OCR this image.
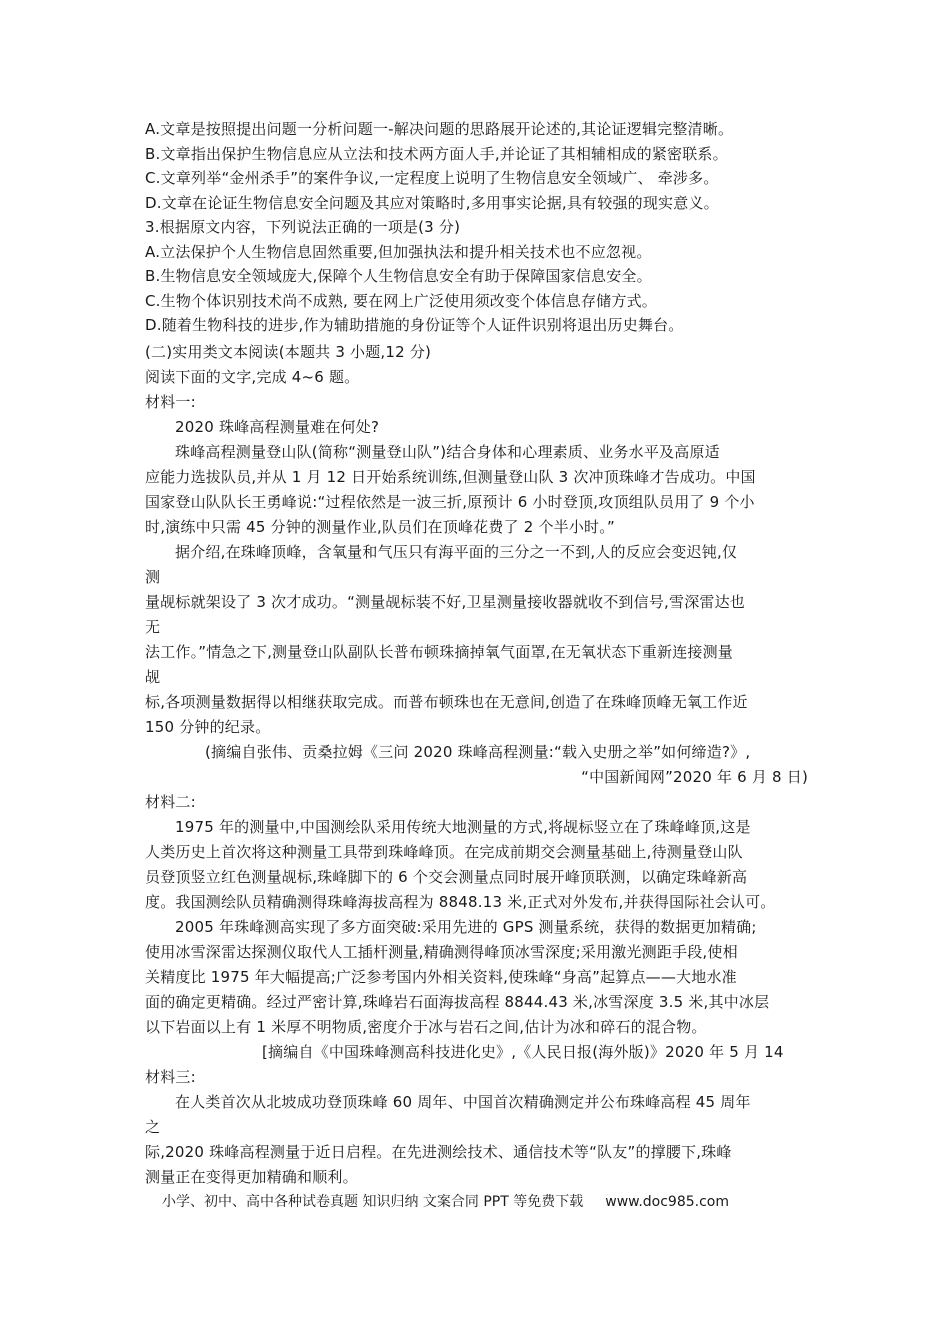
A.文章是按照提出问题一分析问题一-解决问题的思路展开论述的,其论证逻辑完整清晰。
B.文章指出保护生物信息应从立法和技术两方面人手,并论证了其相辅相成的紧密联系。
C.文章列举“金州杀手”的案件争议,一定程度上说明了生物信息安全领域广、 牵涉多。
D.文章在论证生物信息安全问题及其应对策略时,多用事实论据,具有较强的现实意义。
3.根据原文内容，下列说法正确的一项是(3 分)
A.立法保护个人生物信息固然重要,但加强执法和提升相关技术也不应忽视。
B.生物信息安全领域庞大,保障个人生物信息安全有助于保障国家信息安全。
C.生物个体识别技术尚不成熟, 要在网上广泛使用须改变个体信息存储方式。
D.随着生物科技的进步,作为辅助措施的身份证等个人证件识别将退出历史舞台。
(二)实用类文本阅读(本题共 3 小题,12 分)
阅读下面的文字,完成 4~6 题。
材料一:
2020 珠峰高程测量难在何处?
珠峰高程测量登山队(简称“测量登山队”)结合身体和心理素质、业务水平及高原适
应能力选拔队员,并从 1 月 12 日开始系统训练,但测量登山队 3 次冲顶珠峰才告成功。中国
国家登山队队长王勇峰说:“过程依然是一波三折,原预计 6 小时登顶,攻顶组队员用了 9 个小
时,演练中只需 45 分钟的测量作业,队员们在顶峰花费了 2 个半小时。”
据介绍,在珠峰顶峰，含氧量和气压只有海平面的三分之一不到,人的反应会变迟钝,仅
测
量觇标就架设了 3 次才成功。“测量觇标装不好,卫星测量接收器就收不到信号,雪深雷达也
无
法工作。”情急之下,测量登山队副队长普布顿珠摘掉氧气面罩,在无氧状态下重新连接测量
觇
标,各项测量数据得以相继获取完成。而普布顿珠也在无意间,创造了在珠峰顶峰无氧工作近
150 分钟的纪录。
(摘编自张伟、贡桑拉姆《三问 2020 珠峰高程测量:“载入史册之举”如何缔造?》,
“中国新闻网”2020 年 6 月 8 日)
材料二:
1975 年的测量中,中国测绘队采用传统大地测量的方式,将觇标竖立在了珠峰峰顶,这是
人类历史上首次将这种测量工具带到珠峰峰顶。在完成前期交会测量基础上,待测量登山队
员登顶竖立红色测量觇标,珠峰脚下的 6 个交会测量点同时展开峰顶联测，以确定珠峰新高
度。我国测绘队员精确测得珠峰海拔高程为 8848.13 米,正式对外发布,并获得国际社会认可。
2005 年珠峰测高实现了多方面突破:采用先进的 GPS 测量系统，获得的数据更加精确;
使用冰雪深雷达探测仪取代人工插杆测量,精确测得峰顶冰雪深度;采用激光测距手段,使相
关精度比 1975 年大幅提高;广泛参考国内外相关资料,使珠峰“身高”起算点——大地水准
面的确定更精确。经过严密计算,珠峰岩石面海拔高程 8844.43 米,冰雪深度 3.5 米,其中冰层
以下岩面以上有 1 米厚不明物质,密度介于冰与岩石之间,估计为冰和碎石的混合物。
[摘编自《中国珠峰测高科技进化史》,《人民日报(海外版)》2020 年 5 月 14
材料三:
在人类首次从北坡成功登顶珠峰 60 周年、中国首次精确测定并公布珠峰高程 45 周年
之
际,2020 珠峰高程测量于近日启程。在先进测绘技术、通信技术等“队友”的撑腰下,珠峰
测量正在变得更加精确和顺利。
小学、初中、高中各种试卷真题 知识归纳 文案合同 PPT 等免费下载 www.doc985.com
